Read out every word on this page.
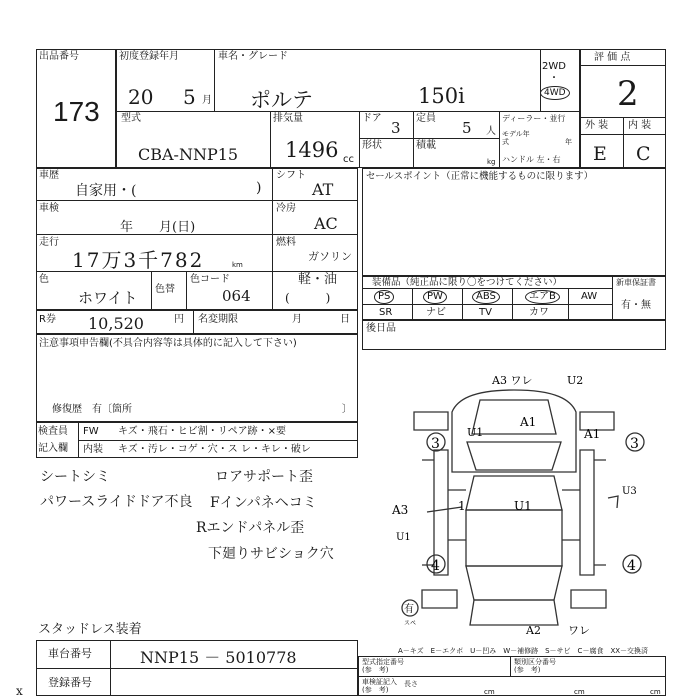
出品番号
173
初度登録年月
20 5 月
車名・グレード
ポルテ	150i
2WD
・
4WD
型式
CBA-NNP15
排気量
1496 cc
ドア
3
定員
5 人
ディーラー・並行
モデル年式	年
形状	積載
kg ハンドル 左・右
評 価 点
2
外 装 内 装
E C
車歴
自家用・(	)
シフト
AT
車検
年　　月(日)
冷房
AC
走行
17万3千782	km
燃料
ガソリン
軽・油
(　　　)
色
ホワイト 色替
色コード
064
R券 10,520	円 名変期限	月	日
注意事項申告欄(不具合内容等は具体的に記入して下さい)
修復歴　有〔箇所	〕
検査員
記入欄
FW キズ・飛石・ヒビ割・リペア跡・×要
内装 キズ・汚レ・コゲ・穴・ス レ・キレ・破レ
シートシミ
パワースライドドア不良
ロアサポート歪
Fインパネヘコミ
Rエンドパネル歪
下廻りサビショク穴
スタッドレス装着
セールスポイント（正常に機能するものに限ります）
装備品（純正品に限り〇をつけてください）	新車保証書
有・無
PS	PW	ABS	エアB	AW
SR	ナビ	TV	カワ
後日品
A3 ワレ	U2
A1
U1	A1
3	3
A3	1
U1
U1
U3
4	4
有
スペ
A2 ワレ
A－キズ　E－エクボ　U－凹み　W－補修跡　S－サビ　C－腐食　XX－交換済
車台番号	NNP15 － 5010778
登録番号
型式指定番号
(参　考)
類別区分番号
(参　考)
車検証記入
(参　考)
長さ
cm	cm	cm
x
